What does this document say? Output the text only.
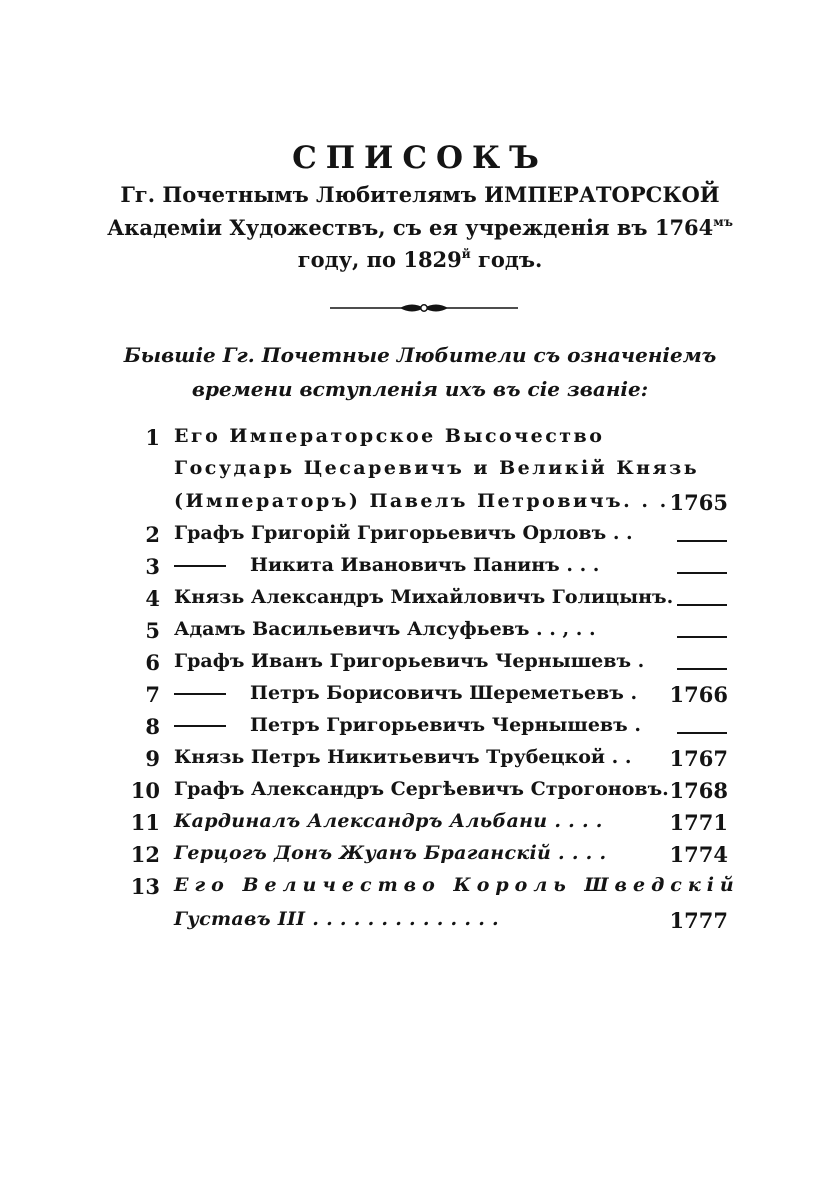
СПИСОКЪ

Гг. Почетнымъ Любителямъ ИМПЕРАТОРСКОЙ

Академіи Художествъ, съ ея учрежденія въ $1764^{мъ}$

году, по $1829^й$ годъ.

Бывшіе Гг. Почетные Любители съ означеніемъ

времени вступленія ихъ въ сіе званіе:

1 Его Императорское Высочество
Государь Цесаревичъ и Великій Князь
(Императоръ) Павелъ Петровичъ. . . 1765
2 Графъ Григорій Григорьевичъ Орловъ . .
3	Никита Ивановичъ Панинъ . . .
4 Князь Александръ Михайловичъ Голицынъ.
5 Адамъ Васильевичъ Алсуфьевъ . . , . .
6 Графъ Иванъ Григорьевичъ Чернышевъ .
7	Петръ Борисовичъ Шереметьевъ . 1766
8	Петръ Григорьевичъ Чернышевъ .
9 Князь Петръ Никитьевичъ Трубецкой . . 1767
10 Графъ Александръ Сергѣевичъ Строгоновъ. 1768
11 Кардиналъ Александръ Альбани . . . .	1771
12 Герцогъ Донъ Жуанъ Браганскій . . . .	1774
13 Его Величество Король Шведскій
Густавъ III . . . . . . . . . . . . . .	1777
